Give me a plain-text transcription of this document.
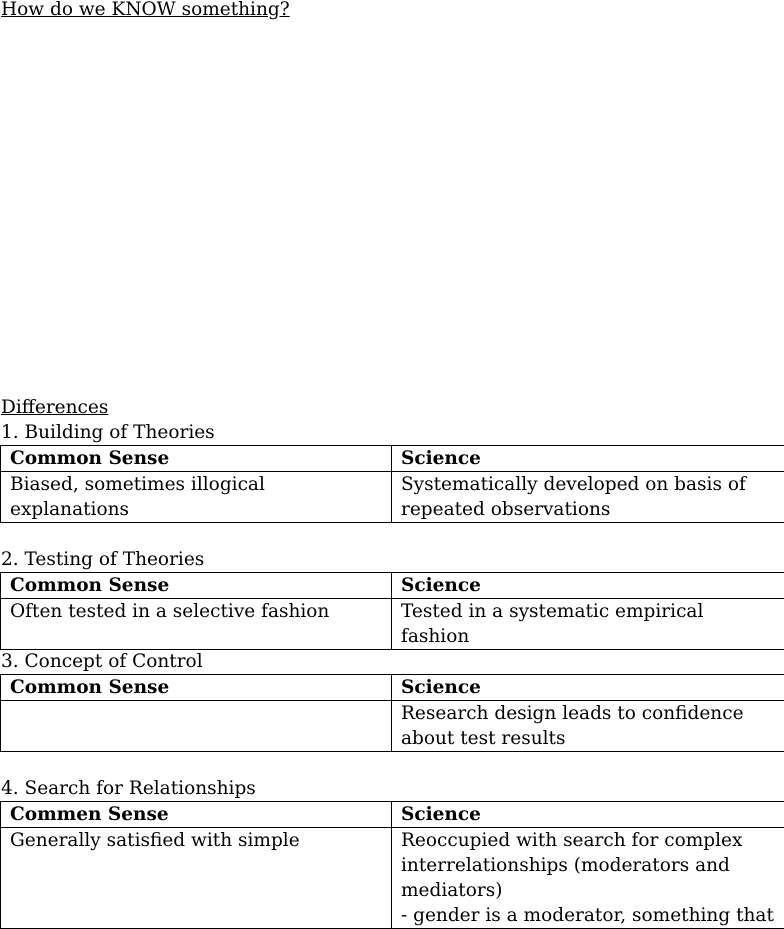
How do we KNOW something?
Differences
1. Building of Theories
Common Sense	Science
Biased, sometimes illogical explanations	Systematically developed on basis of
repeated observations
2. Testing of Theories
Common Sense	Science
Often tested in a selective fashion	Tested in a systematic empirical fashion
3. Concept of Control
Common Sense	Science
	Research design leads to confidence
about test results
4. Search for Relationships
Commen Sense	Science
Generally satisfied with simple	Reoccupied with search for complex
interrelationships (moderators and
mediators)
- gender is a moderator, something that
